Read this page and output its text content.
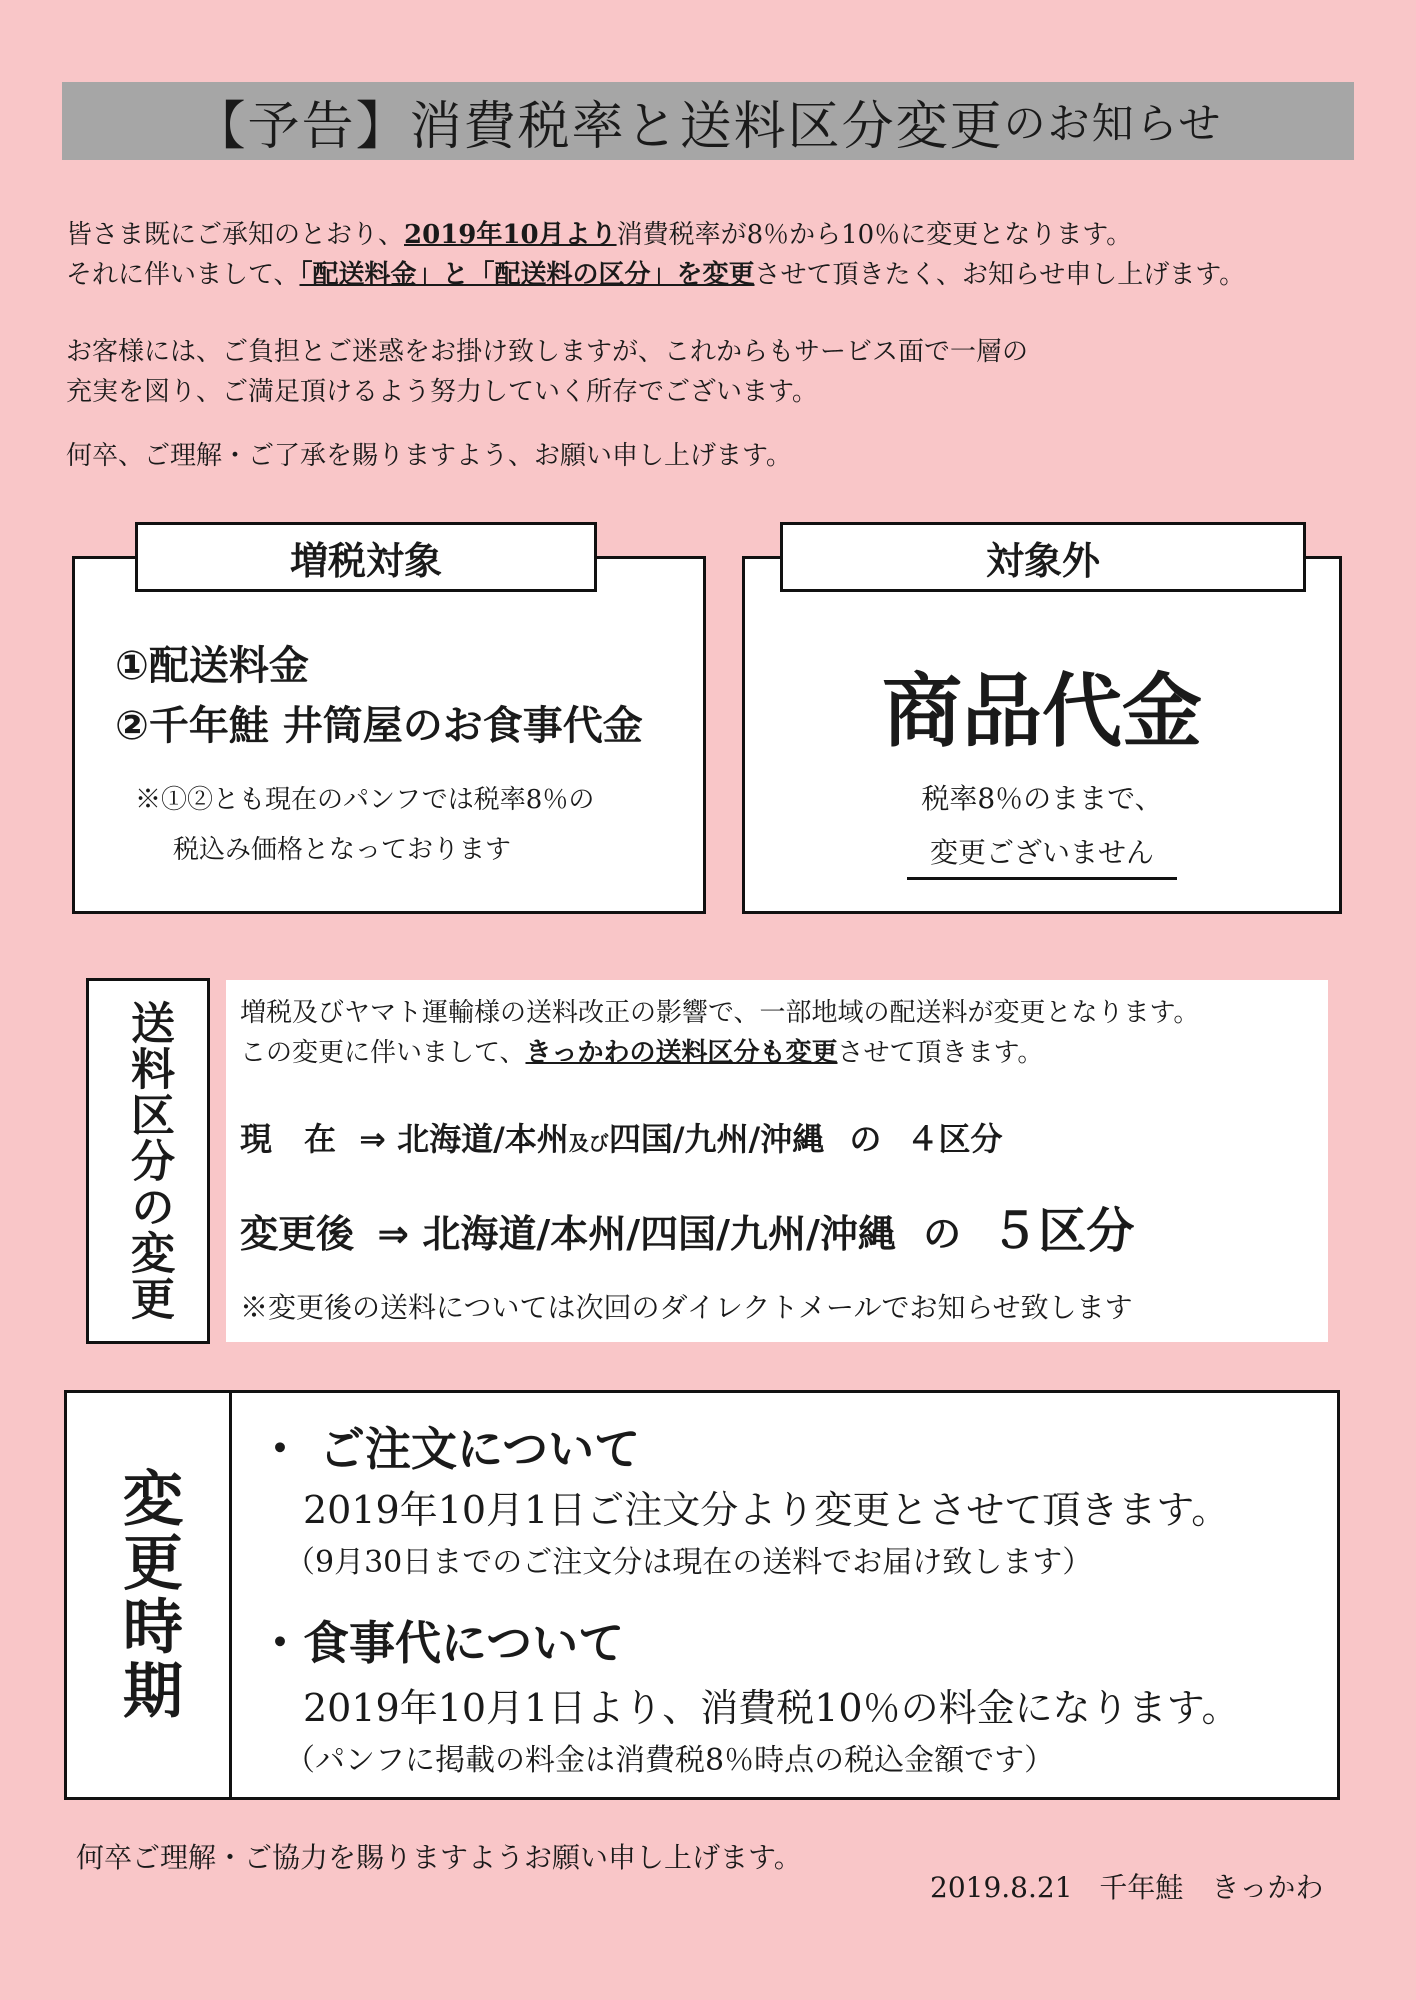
【予告】消費税率と送料区分変更 のお知らせ

皆さま既にご承知のとおり、2019年10月より消費税率が8％から10％に変更となります。

それに伴いまして、「配送料金」と「配送料の区分」を変更させて頂きたく、お知らせ申し上げます。

お客様には、ご負担とご迷惑をお掛け致しますが、これからもサービス面で一層の

充実を図り、ご満足頂けるよう努力していく所存でございます。

何卒、ご理解・ご了承を賜りますよう、お願い申し上げます。

①配送料金
②千年鮭 井筒屋のお食事代金
※①②とも現在のパンフでは税率8％の
税込み価格となっております
増税対象
商品代金
税率8％のままで、
変更ございません
対象外
送料区分の変更	増税及びヤマト運輸様の送料改正の影響で、一部地域の配送料が変更となります。
この変更に伴いまして、きっかわの送料区分も変更させて頂きます。
現　在 ⇒ 北海道/本州及び四国/九州/沖縄 の ４区分
変更後 ⇒ 北海道/本州/四国/九州/沖縄 の ５区分
※変更後の送料については次回のダイレクトメールでお知らせ致します
変更時期
・ ご注文について
2019年10月1日ご注文分より変更とさせて頂きます。
（9月30日までのご注文分は現在の送料でお届け致します）
・食事代について
2019年10月1日より、消費税10％の料金になります。
（パンフに掲載の料金は消費税8％時点の税込金額です）
何卒ご理解・ご協力を賜りますようお願い申し上げます。
2019.8.21 千年鮭　きっかわ
